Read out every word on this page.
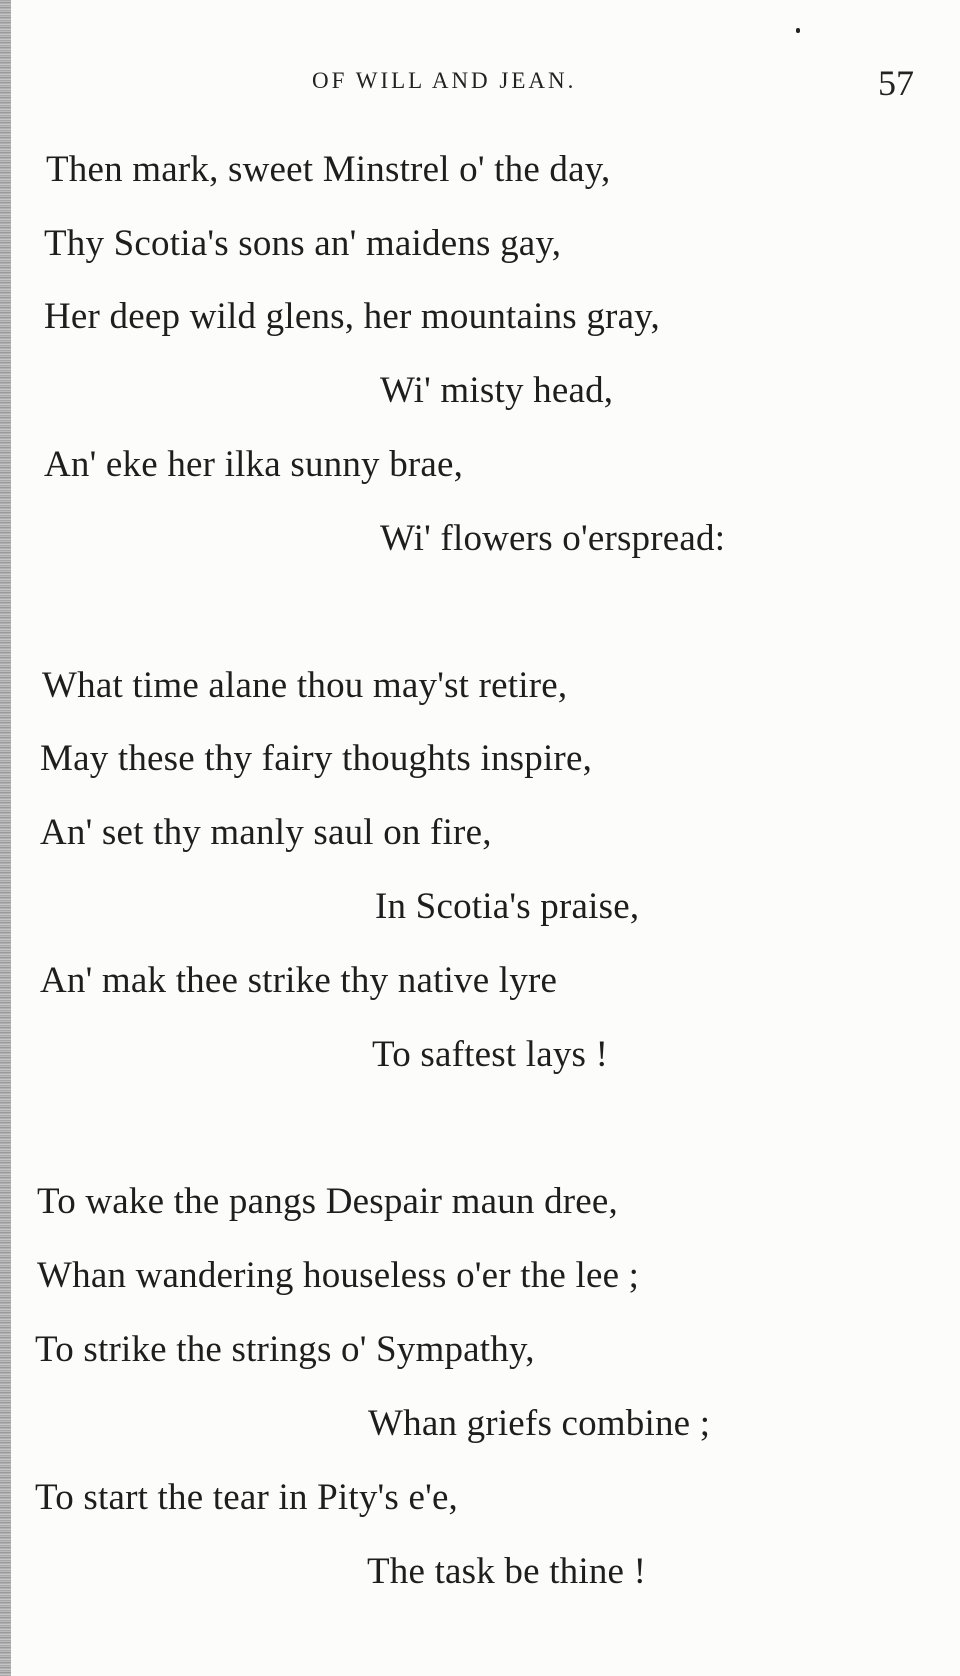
OF WILL AND JEAN.	57
Then mark, sweet Minstrel o' the day,
Thy Scotia's sons an' maidens gay,
Her deep wild glens, her mountains gray,
Wi' misty head,
An' eke her ilka sunny brae,
Wi' flowers o'erspread:
What time alane thou may'st retire,
May these thy fairy thoughts inspire,
An' set thy manly saul on fire,
In Scotia's praise,
An' mak thee strike thy native lyre
To saftest lays !
To wake the pangs Despair maun dree,
Whan wandering houseless o'er the lee ;
To strike the strings o' Sympathy,
Whan griefs combine ;
To start the tear in Pity's e'e,
The task be thine !
